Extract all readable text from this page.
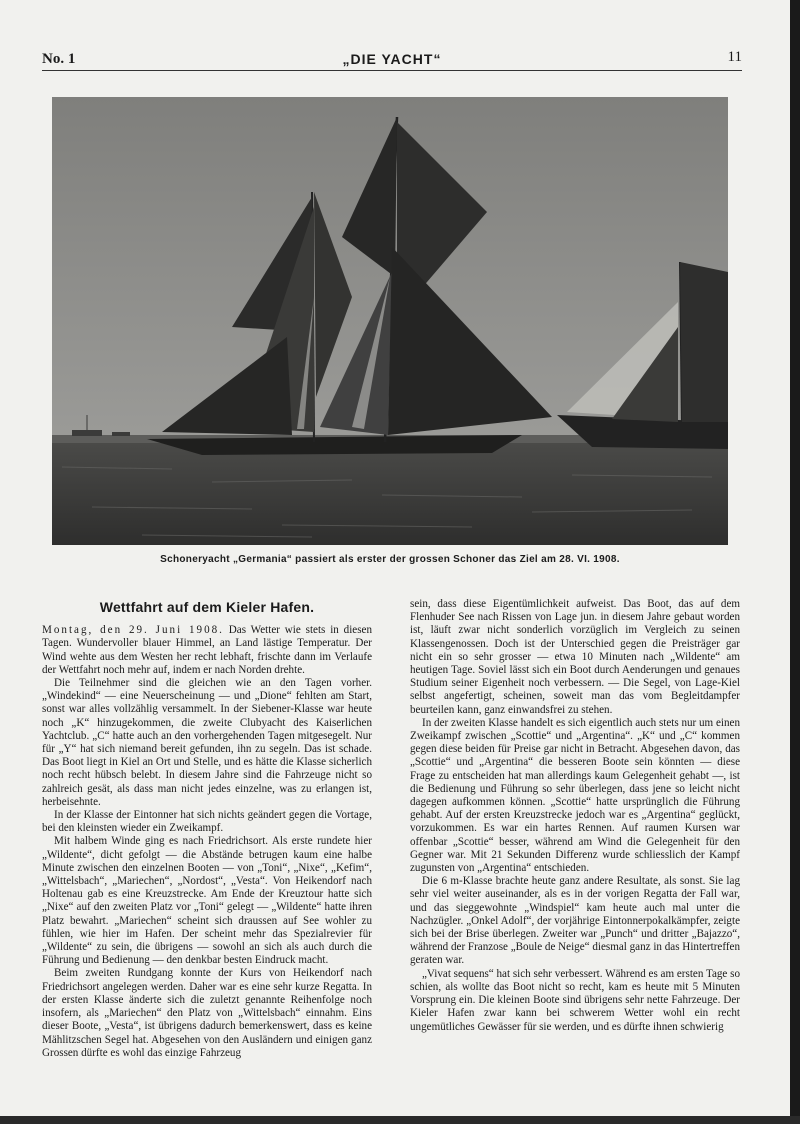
No. 1	„DIE YACHT“	11
Schoneryacht „Germania“ passiert als erster der grossen Schoner das Ziel am 28. VI. 1908.
Wettfahrt auf dem Kieler Hafen.

Montag, den 29. Juni 1908. Das Wetter wie stets in diesen Tagen. Wundervoller blauer Himmel, an Land lästige Temperatur. Der Wind wehte aus dem Westen her recht lebhaft, frischte dann im Verlaufe der Wettfahrt noch mehr auf, indem er nach Norden drehte.

Die Teilnehmer sind die gleichen wie an den Tagen vorher. „Windekind“ — eine Neuerscheinung — und „Dione“ fehlten am Start, sonst war alles vollzählig versammelt. In der Siebener-Klasse war heute noch „K“ hinzugekommen, die zweite Clubyacht des Kaiserlichen Yachtclub. „C“ hatte auch an den vorhergehenden Tagen mitgesegelt. Nur für „Y“ hat sich niemand bereit gefunden, ihn zu segeln. Das ist schade. Das Boot liegt in Kiel an Ort und Stelle, und es hätte die Klasse sicherlich noch recht hübsch belebt. In diesem Jahre sind die Fahrzeuge nicht so zahlreich gesät, als dass man nicht jedes einzelne, was zu erlangen ist, herbeisehnte.

In der Klasse der Eintonner hat sich nichts geändert gegen die Vortage, bei den kleinsten wieder ein Zweikampf.

Mit halbem Winde ging es nach Friedrichsort. Als erste rundete hier „Wildente“, dicht gefolgt — die Abstände betrugen kaum eine halbe Minute zwischen den einzelnen Booten — von „Toni“, „Nixe“, „Kefim“, „Wittelsbach“, „Mariechen“, „Nordost“, „Vesta“. Von Heikendorf nach Holtenau gab es eine Kreuzstrecke. Am Ende der Kreuztour hatte sich „Nixe“ auf den zweiten Platz vor „Toni“ gelegt — „Wildente“ hatte ihren Platz bewahrt. „Mariechen“ scheint sich draussen auf See wohler zu fühlen, wie hier im Hafen. Der scheint mehr das Spezialrevier für „Wildente“ zu sein, die übrigens — sowohl an sich als auch durch die Führung und Bedienung — den denkbar besten Eindruck macht.

Beim zweiten Rundgang konnte der Kurs von Heikendorf nach Friedrichsort angelegen werden. Daher war es eine sehr kurze Regatta. In der ersten Klasse änderte sich die zuletzt genannte Reihenfolge noch insofern, als „Mariechen“ den Platz von „Wittelsbach“ einnahm. Eins dieser Boote, „Vesta“, ist übrigens dadurch bemerkenswert, dass es keine Mählitzschen Segel hat. Abgesehen von den Ausländern und einigen ganz Grossen dürfte es wohl das einzige Fahrzeug

sein, dass diese Eigentümlichkeit aufweist. Das Boot, das auf dem Flenhuder See nach Rissen von Lage jun. in diesem Jahre gebaut worden ist, läuft zwar nicht sonderlich vorzüglich im Vergleich zu seinen Klassengenossen. Doch ist der Unterschied gegen die Preisträger gar nicht ein so sehr grosser — etwa 10 Minuten nach „Wildente“ am heutigen Tage. Soviel lässt sich ein Boot durch Aenderungen und genaues Studium seiner Eigenheit noch verbessern. — Die Segel, von Lage-Kiel selbst angefertigt, scheinen, soweit man das vom Begleitdampfer beurteilen kann, ganz einwandsfrei zu stehen.

In der zweiten Klasse handelt es sich eigentlich auch stets nur um einen Zweikampf zwischen „Scottie“ und „Argentina“. „K“ und „C“ kommen gegen diese beiden für Preise gar nicht in Betracht. Abgesehen davon, das „Scottie“ und „Argentina“ die besseren Boote sein könnten — diese Frage zu entscheiden hat man allerdings kaum Gelegenheit gehabt —, ist die Bedienung und Führung so sehr überlegen, dass jene so leicht nicht dagegen aufkommen können. „Scottie“ hatte ursprünglich die Führung gehabt. Auf der ersten Kreuzstrecke jedoch war es „Argentina“ geglückt, vorzukommen. Es war ein hartes Rennen. Auf raumen Kursen war offenbar „Scottie“ besser, während am Wind die Gelegenheit für den Gegner war. Mit 21 Sekunden Differenz wurde schliesslich der Kampf zugunsten von „Argentina“ entschieden.

Die 6 m-Klasse brachte heute ganz andere Resultate, als sonst. Sie lag sehr viel weiter auseinander, als es in der vorigen Regatta der Fall war, und das sieggewohnte „Windspiel“ kam heute auch mal unter die Nachzügler. „Onkel Adolf“, der vorjährige Eintonnerpokalkämpfer, zeigte sich bei der Brise überlegen. Zweiter war „Punch“ und dritter „Bajazzo“, während der Franzose „Boule de Neige“ diesmal ganz in das Hintertreffen geraten war.

„Vivat sequens“ hat sich sehr verbessert. Während es am ersten Tage so schien, als wollte das Boot nicht so recht, kam es heute mit 5 Minuten Vorsprung ein. Die kleinen Boote sind übrigens sehr nette Fahrzeuge. Der Kieler Hafen zwar kann bei schwerem Wetter wohl ein recht ungemütliches Gewässer für sie werden, und es dürfte ihnen schwierig
